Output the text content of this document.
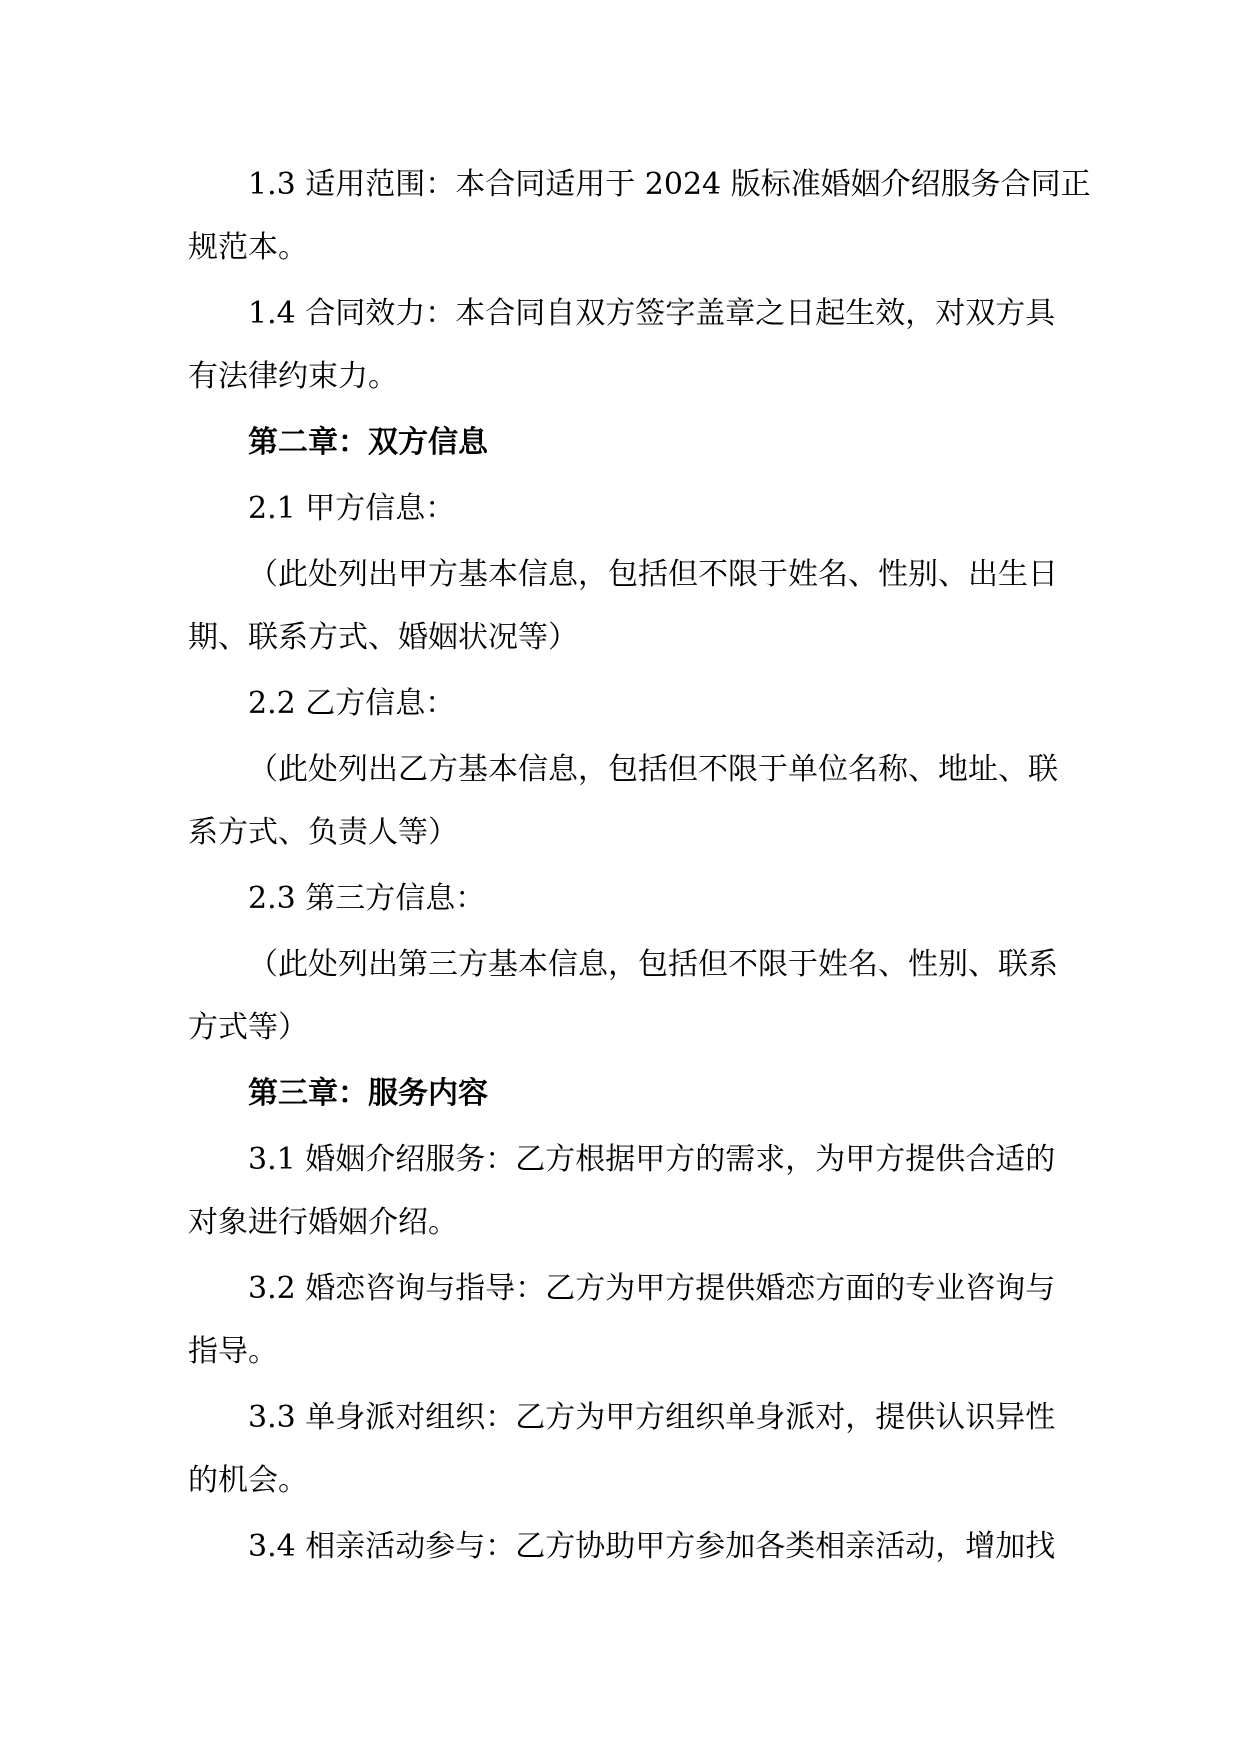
1.3 适用范围：本合同适用于 2024 版标准婚姻介绍服务合同正
规范本。

1.4 合同效力：本合同自双方签字盖章之日起生效，对双方具
有法律约束力。

第二章：双方信息

2.1 甲方信息：

（此处列出甲方基本信息，包括但不限于姓名、性别、出生日
期、联系方式、婚姻状况等）

2.2 乙方信息：

（此处列出乙方基本信息，包括但不限于单位名称、地址、联
系方式、负责人等）

2.3 第三方信息：

（此处列出第三方基本信息，包括但不限于姓名、性别、联系
方式等）

第三章：服务内容

3.1 婚姻介绍服务：乙方根据甲方的需求，为甲方提供合适的
对象进行婚姻介绍。

3.2 婚恋咨询与指导：乙方为甲方提供婚恋方面的专业咨询与
指导。

3.3 单身派对组织：乙方为甲方组织单身派对，提供认识异性
的机会。

3.4 相亲活动参与：乙方协助甲方参加各类相亲活动，增加找
